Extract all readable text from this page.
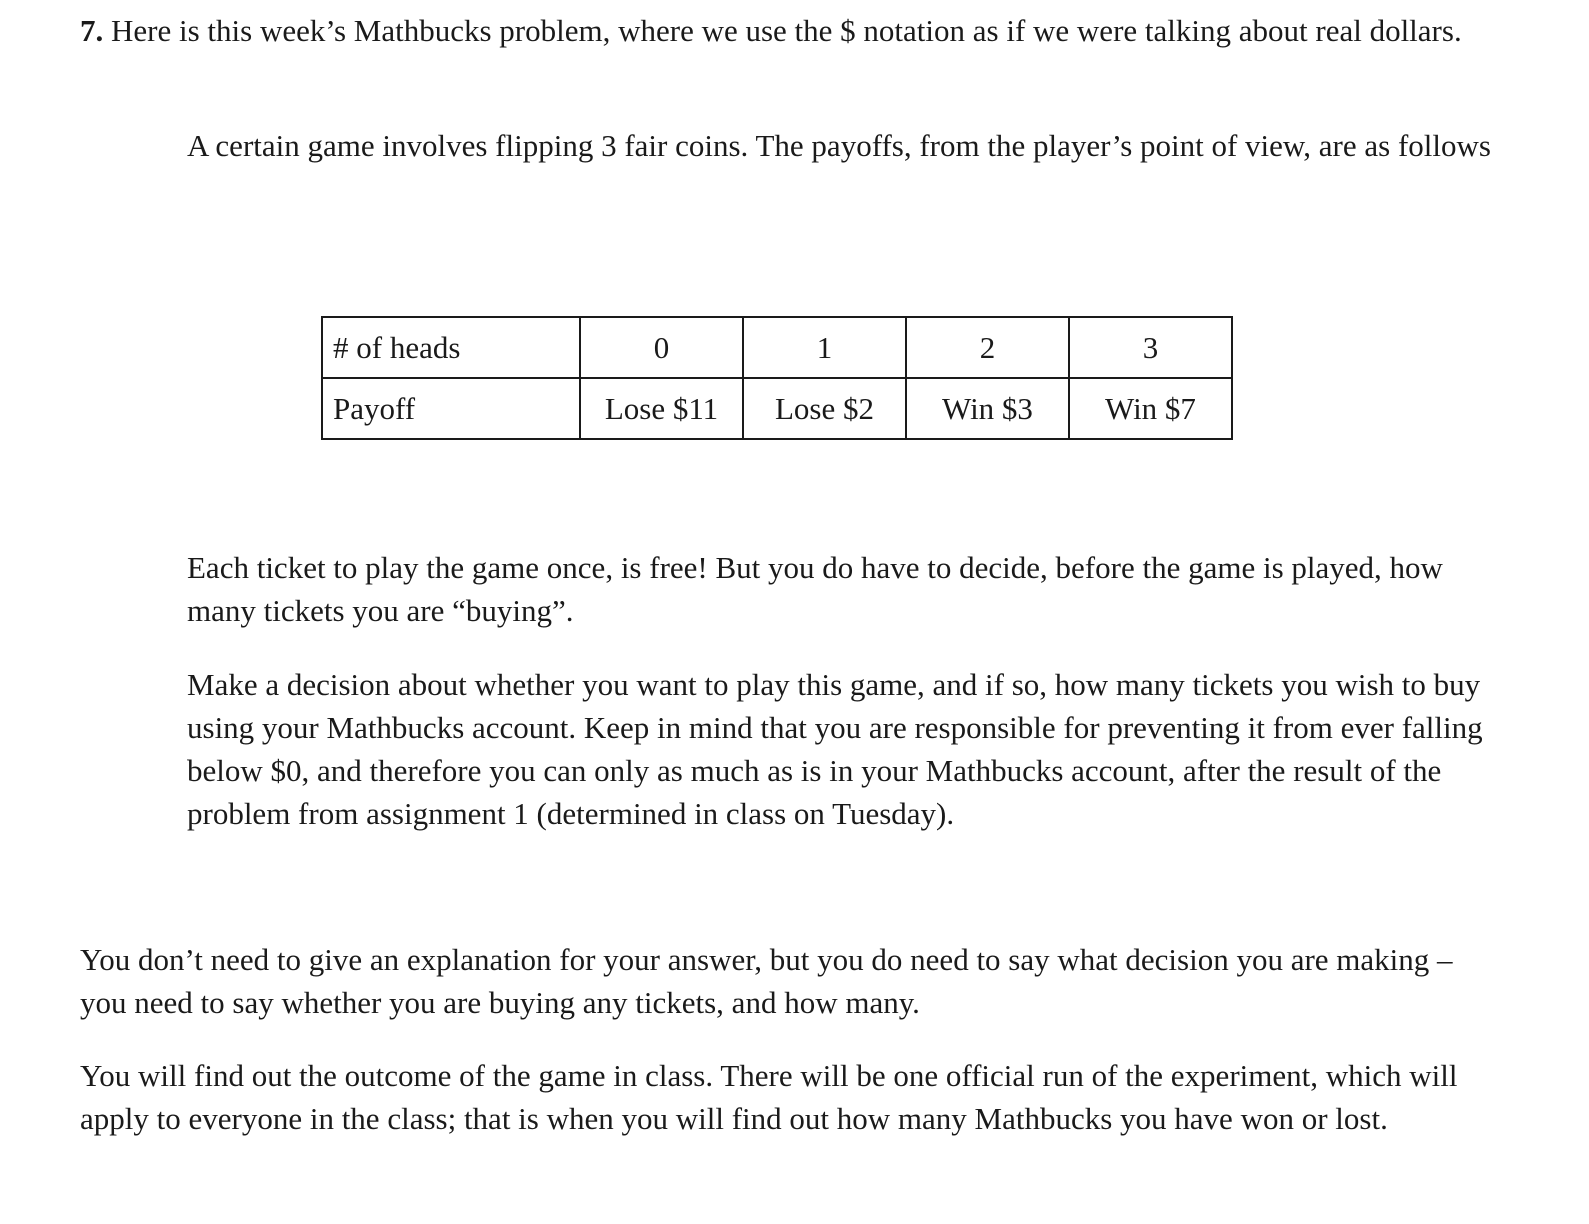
7. Here is this week’s Mathbucks problem, where we use the $ notation as if we were talking about real dollars.

A certain game involves flipping 3 fair coins. The payoffs, from the player’s point of view, are as follows

# of heads	0	1	2	3
Payoff	Lose $11	Lose $2	Win $3	Win $7

Each ticket to play the game once, is free! But you do have to decide, before the game is played, how many tickets you are “buying”.

Make a decision about whether you want to play this game, and if so, how many tickets you wish to buy using your Mathbucks account. Keep in mind that you are responsible for preventing it from ever falling below $0, and therefore you can only as much as is in your Mathbucks account, after the result of the problem from assignment 1 (determined in class on Tuesday).

You don’t need to give an explanation for your answer, but you do need to say what decision you are making – you need to say whether you are buying any tickets, and how many.

You will find out the outcome of the game in class. There will be one official run of the experiment, which will apply to everyone in the class; that is when you will find out how many Mathbucks you have won or lost.
